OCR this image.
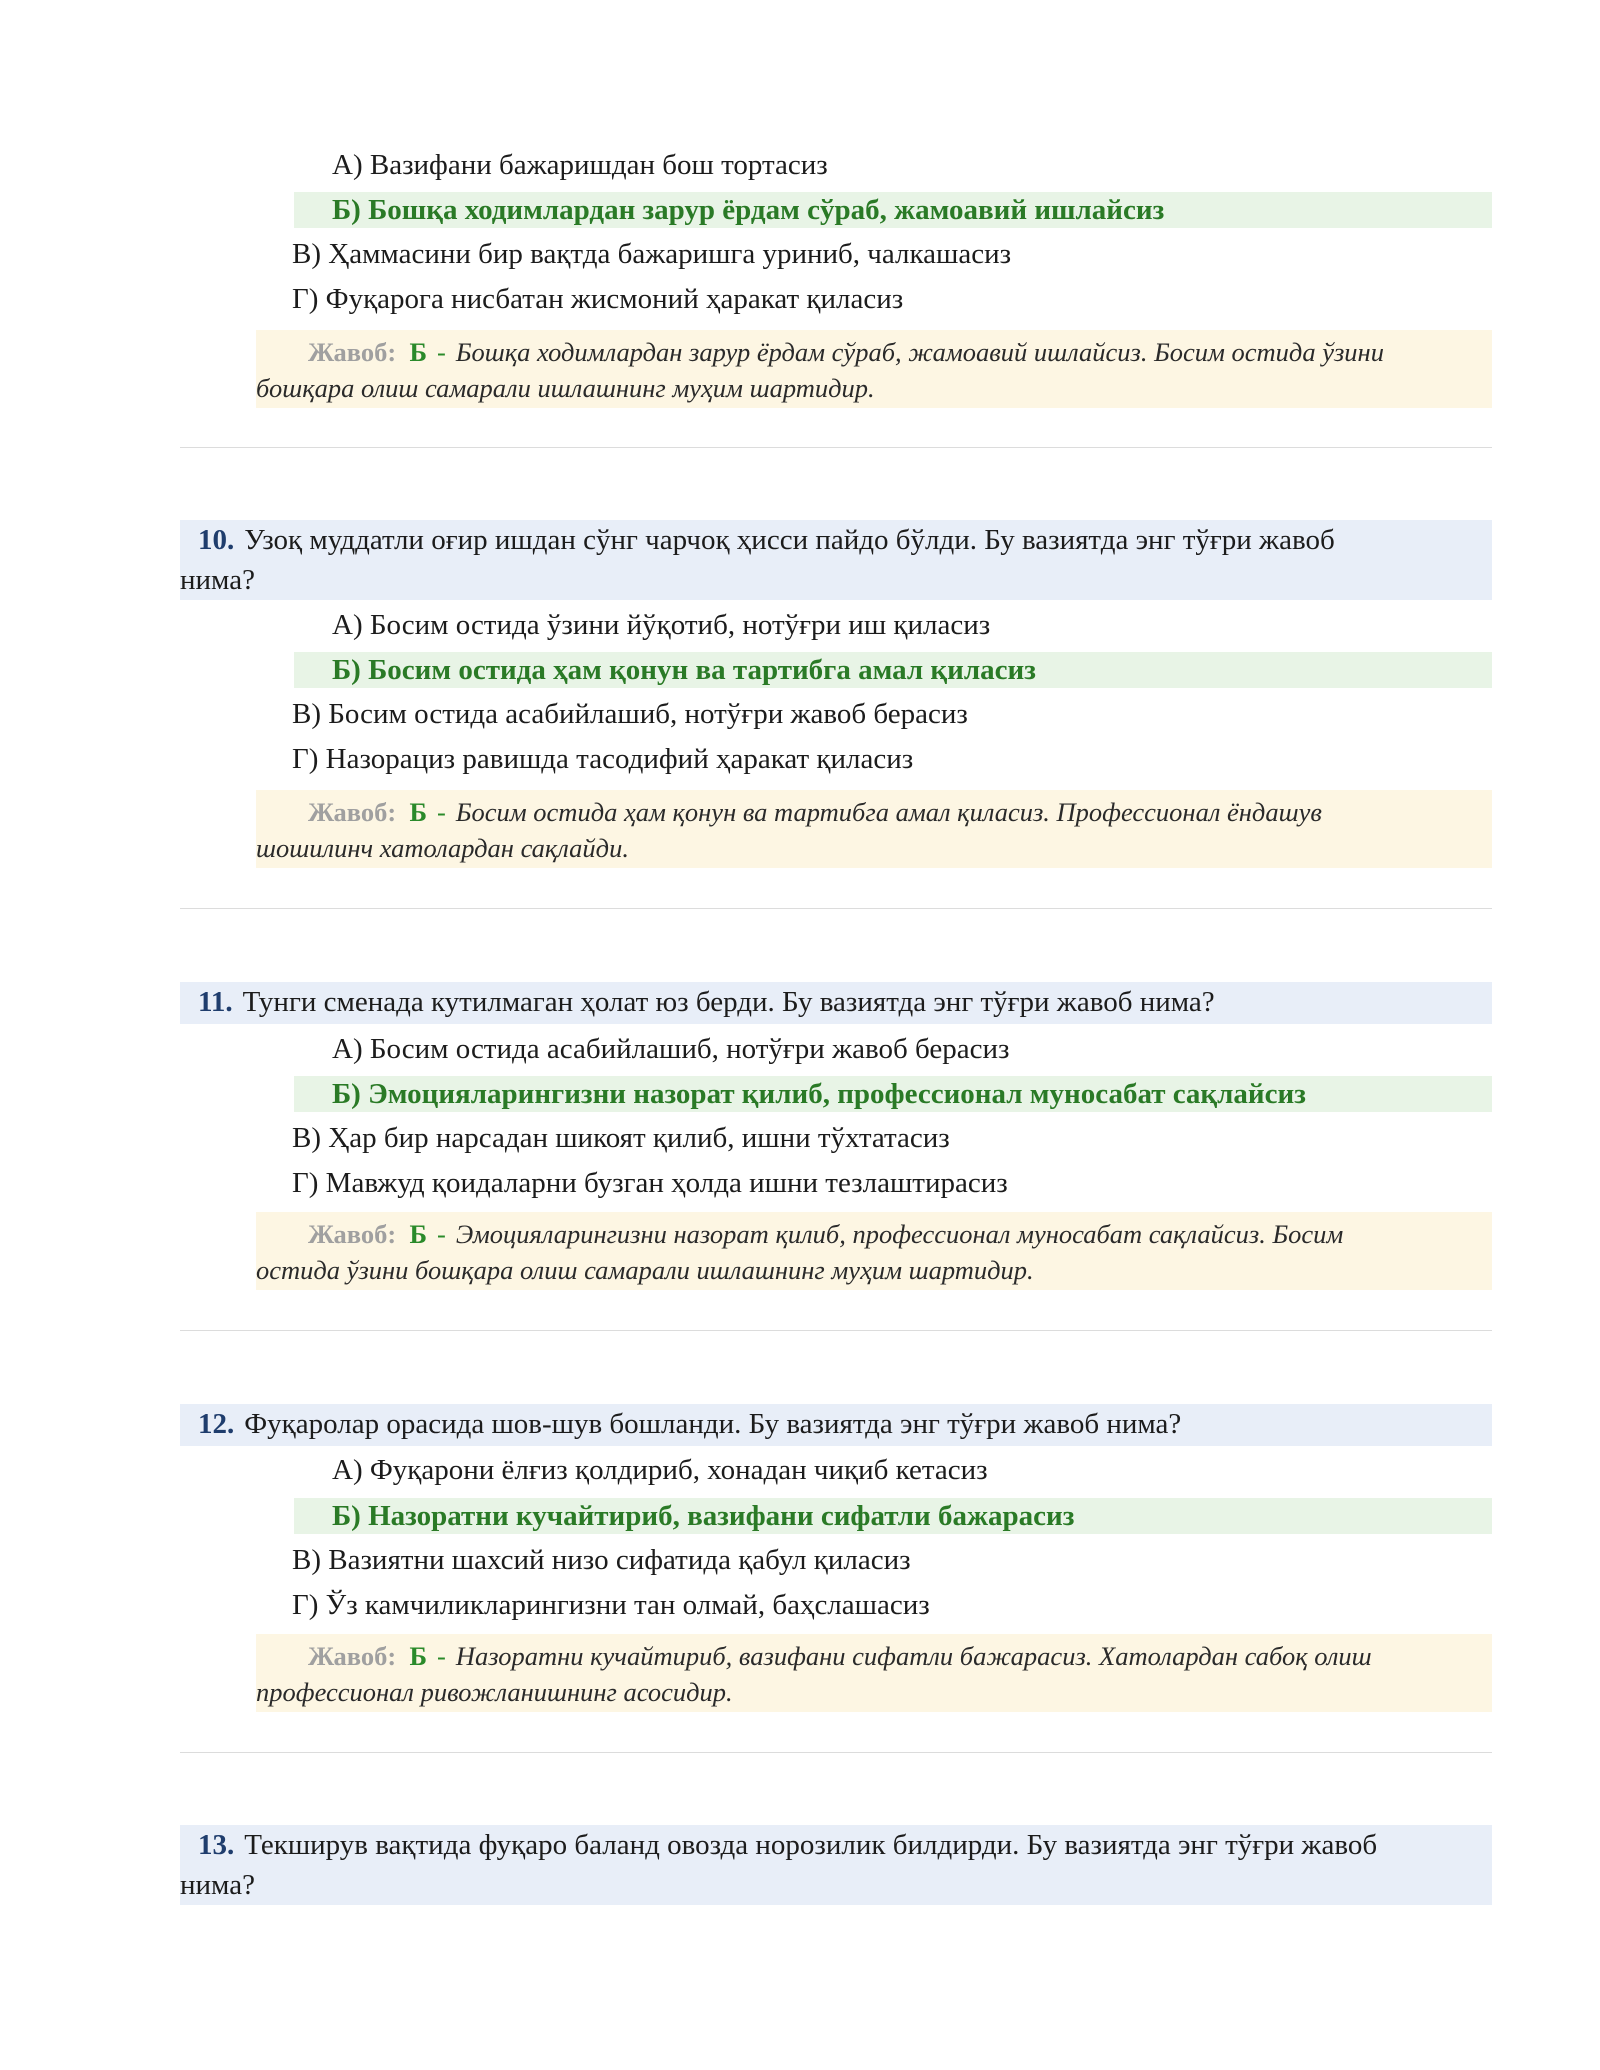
А) Вазифани бажаришдан бош тортасиз
Б) Бошқа ходимлардан зарур ёрдам сўраб, жамоавий ишлайсиз
В) Ҳаммасини бир вақтда бажаришга уриниб, чалкашасиз
Г) Фуқарога нисбатан жисмоний ҳаракат қиласиз
Жавоб: Б - Бошқа ходимлардан зарур ёрдам сўраб, жамоавий ишлайсиз. Босим остида ўзини
бошқара олиш самарали ишлашнинг муҳим шартидир.
10. Узоқ муддатли оғир ишдан сўнг чарчоқ ҳисси пайдо бўлди. Бу вазиятда энг тўғри жавоб
нима?
А) Босим остида ўзини йўқотиб, нотўғри иш қиласиз
Б) Босим остида ҳам қонун ва тартибга амал қиласиз
В) Босим остида асабийлашиб, нотўғри жавоб берасиз
Г) Назорациз равишда тасодифий ҳаракат қиласиз
Жавоб: Б - Босим остида ҳам қонун ва тартибга амал қиласиз. Профессионал ёндашув
шошилинч хатолардан сақлайди.
11. Тунги сменада кутилмаган ҳолат юз берди. Бу вазиятда энг тўғри жавоб нима?
А) Босим остида асабийлашиб, нотўғри жавоб берасиз
Б) Эмоцияларингизни назорат қилиб, профессионал муносабат сақлайсиз
В) Ҳар бир нарсадан шикоят қилиб, ишни тўхтатасиз
Г) Мавжуд қоидаларни бузган ҳолда ишни тезлаштирасиз
Жавоб: Б - Эмоцияларингизни назорат қилиб, профессионал муносабат сақлайсиз. Босим
остида ўзини бошқара олиш самарали ишлашнинг муҳим шартидир.
12. Фуқаролар орасида шов-шув бошланди. Бу вазиятда энг тўғри жавоб нима?
А) Фуқарони ёлғиз қолдириб, хонадан чиқиб кетасиз
Б) Назоратни кучайтириб, вазифани сифатли бажарасиз
В) Вазиятни шахсий низо сифатида қабул қиласиз
Г) Ўз камчиликларингизни тан олмай, баҳслашасиз
Жавоб: Б - Назоратни кучайтириб, вазифани сифатли бажарасиз. Хатолардан сабоқ олиш
профессионал ривожланишнинг асосидир.
13. Текширув вақтида фуқаро баланд овозда норозилик билдирди. Бу вазиятда энг тўғри жавоб
нима?
